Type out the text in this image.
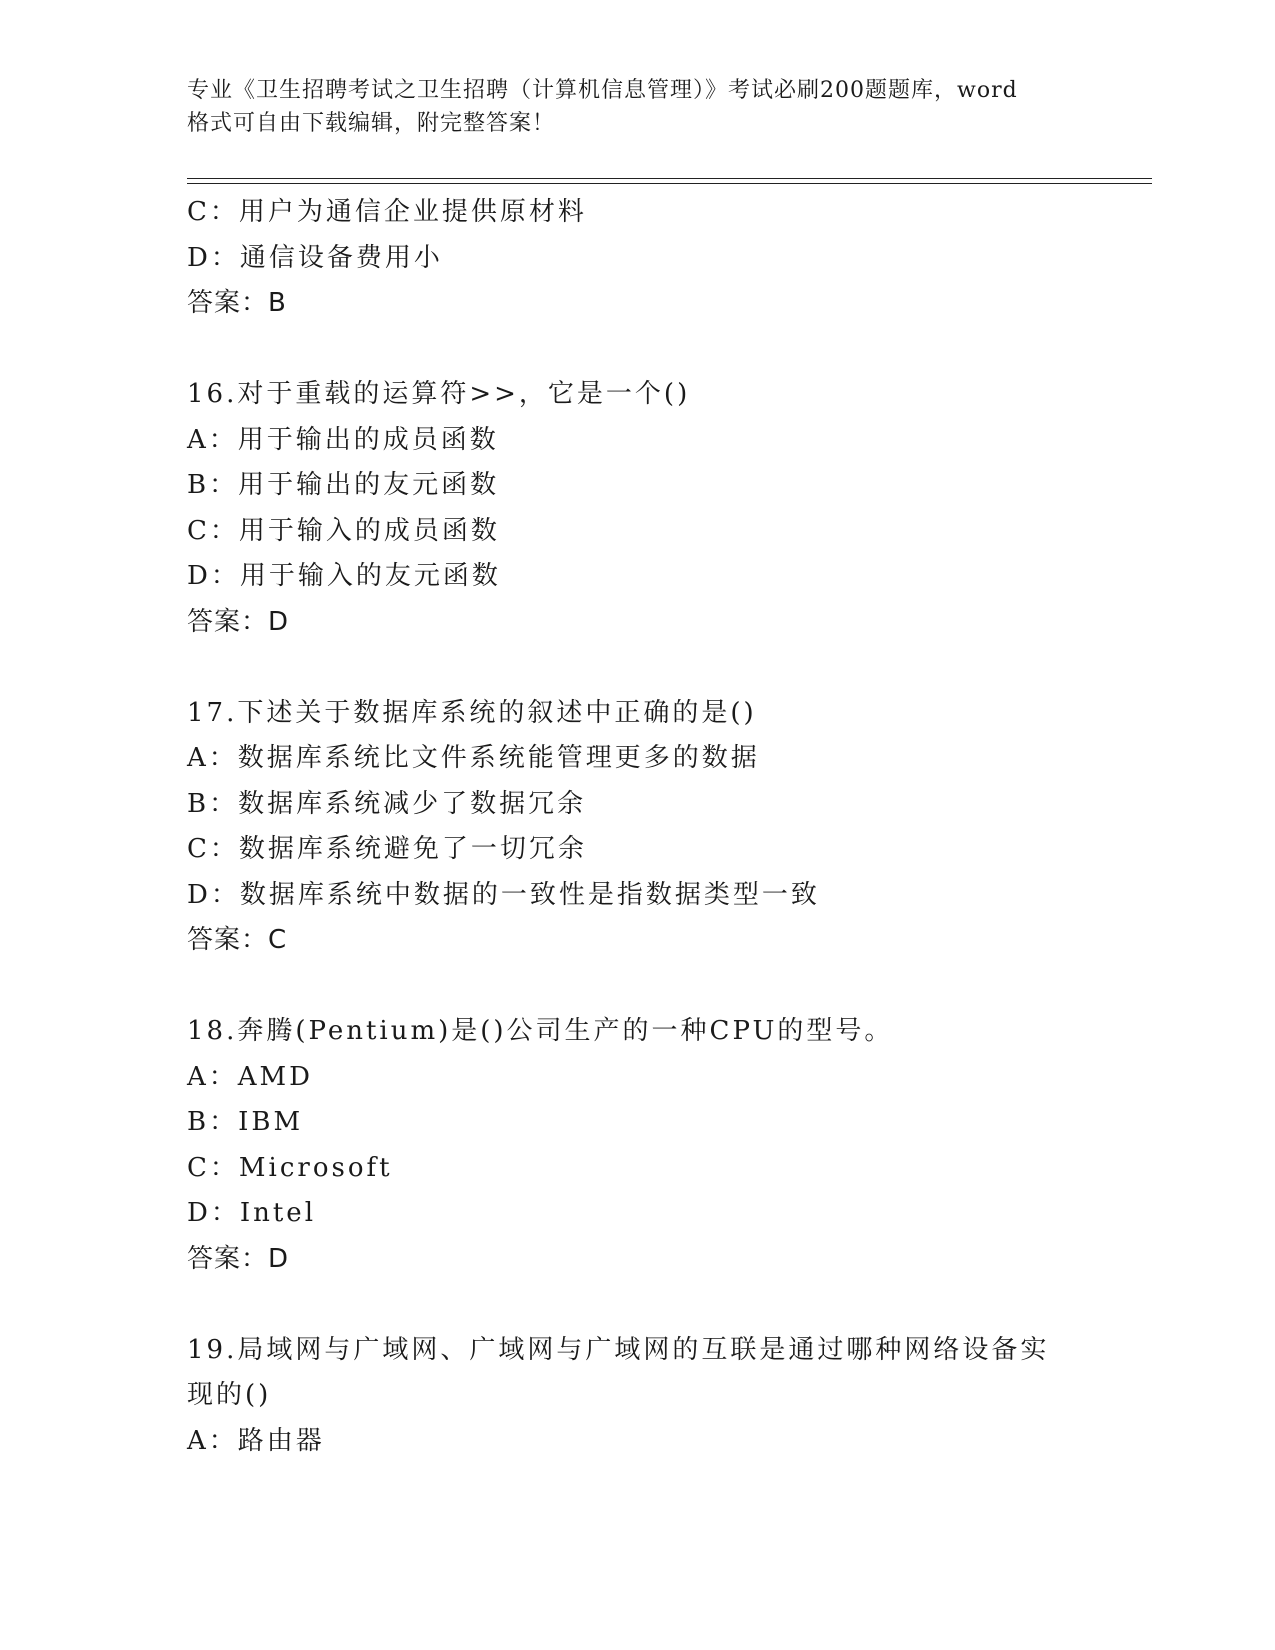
专业《卫生招聘考试之卫生招聘（计算机信息管理）》考试必刷200题题库，word
格式可自由下载编辑，附完整答案！
C：用户为通信企业提供原材料
D：通信设备费用小
答案：B
16.对于重载的运算符>>，它是一个()
A：用于输出的成员函数
B：用于输出的友元函数
C：用于输入的成员函数
D：用于输入的友元函数
答案：D
17.下述关于数据库系统的叙述中正确的是()
A：数据库系统比文件系统能管理更多的数据
B：数据库系统减少了数据冗余
C：数据库系统避免了一切冗余
D：数据库系统中数据的一致性是指数据类型一致
答案：C
18.奔腾(Pentium)是()公司生产的一种CPU的型号。
A：AMD
B：IBM
C：Microsoft
D：Intel
答案：D
19.局域网与广域网、广域网与广域网的互联是通过哪种网络设备实现的()
A：路由器
